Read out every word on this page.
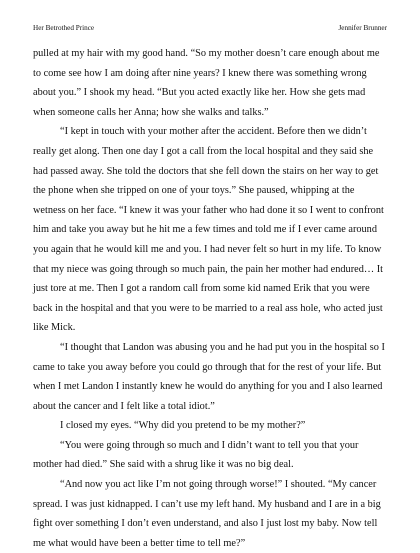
Her Betrothed Prince	Jennifer Brunner

pulled at my hair with my good hand. “So my mother doesn’t care enough about me to come see how I am doing after nine years? I knew there was something wrong about you.” I shook my head. “But you acted exactly like her. How she gets mad when someone calls her Anna; how she walks and talks.”

“I kept in touch with your mother after the accident. Before then we didn’t really get along. Then one day I got a call from the local hospital and they said she had passed away. She told the doctors that she fell down the stairs on her way to get the phone when she tripped on one of your toys.” She paused, whipping at the wetness on her face. “I knew it was your father who had done it so I went to confront him and take you away but he hit me a few times and told me if I ever came around you again that he would kill me and you. I had never felt so hurt in my life. To know that my niece was going through so much pain, the pain her mother had endured… It just tore at me. Then I got a random call from some kid named Erik that you were back in the hospital and that you were to be married to a real ass hole, who acted just like Mick.

“I thought that Landon was abusing you and he had put you in the hospital so I came to take you away before you could go through that for the rest of your life. But when I met Landon I instantly knew he would do anything for you and I also learned about the cancer and I felt like a total idiot.”

I closed my eyes. “Why did you pretend to be my mother?”

“You were going through so much and I didn’t want to tell you that your mother had died.” She said with a shrug like it was no big deal.

“And now you act like I’m not going through worse!” I shouted. “My cancer spread. I was just kidnapped. I can’t use my left hand. My husband and I are in a big fight over something I don’t even understand, and also I just lost my baby. Now tell me what would have been a better time to tell me?”
